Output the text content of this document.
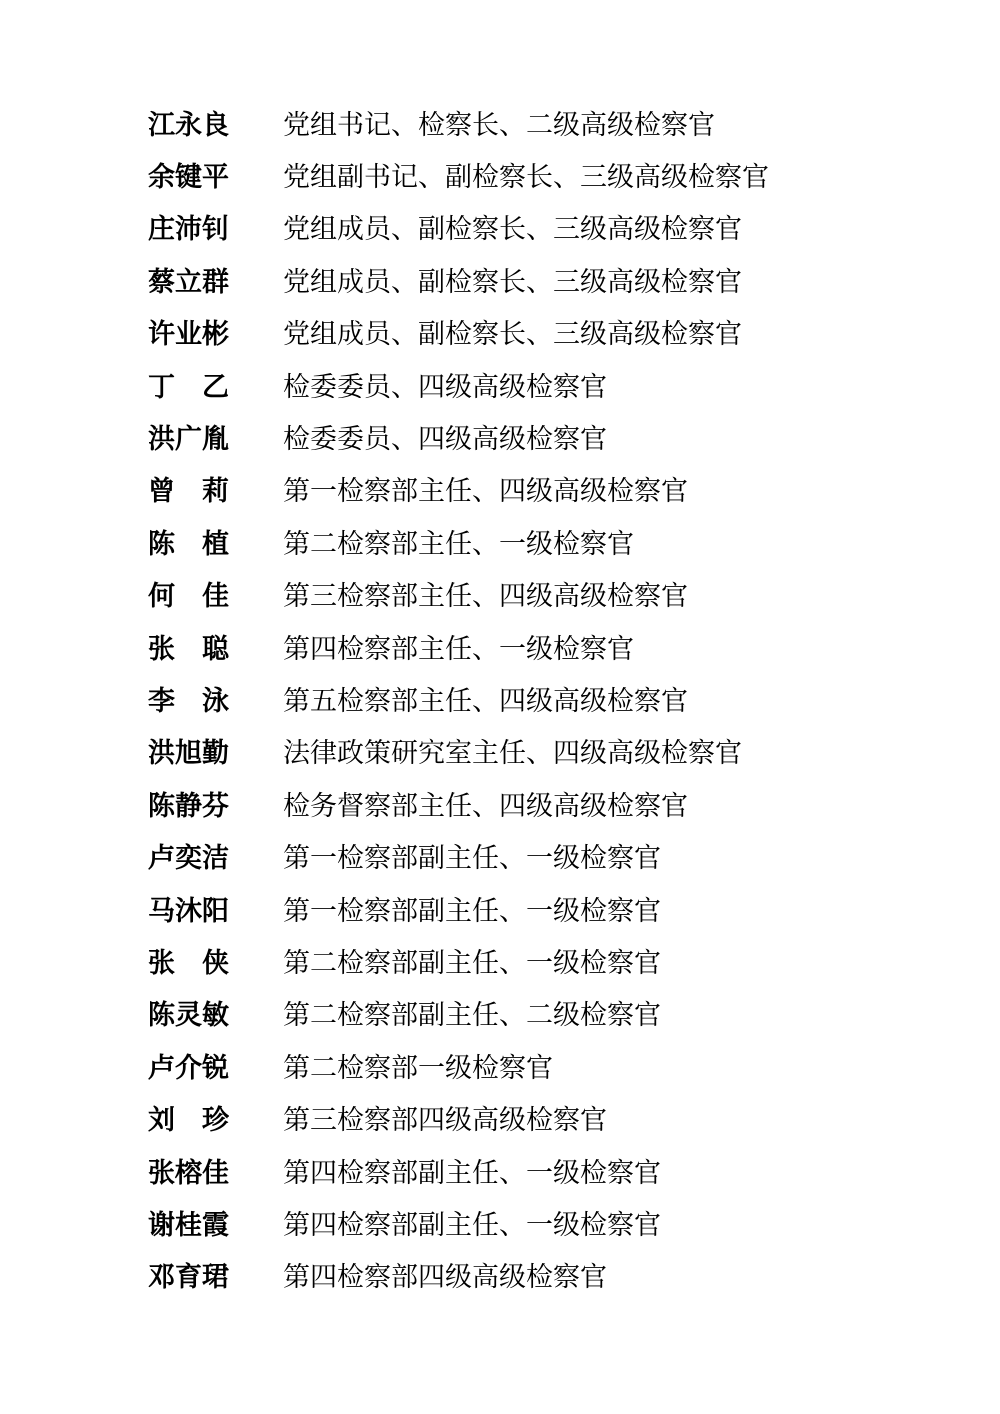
江永良 党组书记、检察长、二级高级检察官
余键平 党组副书记、副检察长、三级高级检察官
庄沛钊 党组成员、副检察长、三级高级检察官
蔡立群 党组成员、副检察长、三级高级检察官
许业彬 党组成员、副检察长、三级高级检察官
丁　乙 检委委员、四级高级检察官
洪广胤 检委委员、四级高级检察官
曾　莉 第一检察部主任、四级高级检察官
陈　植 第二检察部主任、一级检察官
何　佳 第三检察部主任、四级高级检察官
张　聪 第四检察部主任、一级检察官
李　泳 第五检察部主任、四级高级检察官
洪旭勤 法律政策研究室主任、四级高级检察官
陈静芬 检务督察部主任、四级高级检察官
卢奕洁 第一检察部副主任、一级检察官
马沐阳 第一检察部副主任、一级检察官
张　侠 第二检察部副主任、一级检察官
陈灵敏 第二检察部副主任、二级检察官
卢介锐 第二检察部一级检察官
刘　珍 第三检察部四级高级检察官
张榕佳 第四检察部副主任、一级检察官
谢桂霞 第四检察部副主任、一级检察官
邓育珺 第四检察部四级高级检察官
